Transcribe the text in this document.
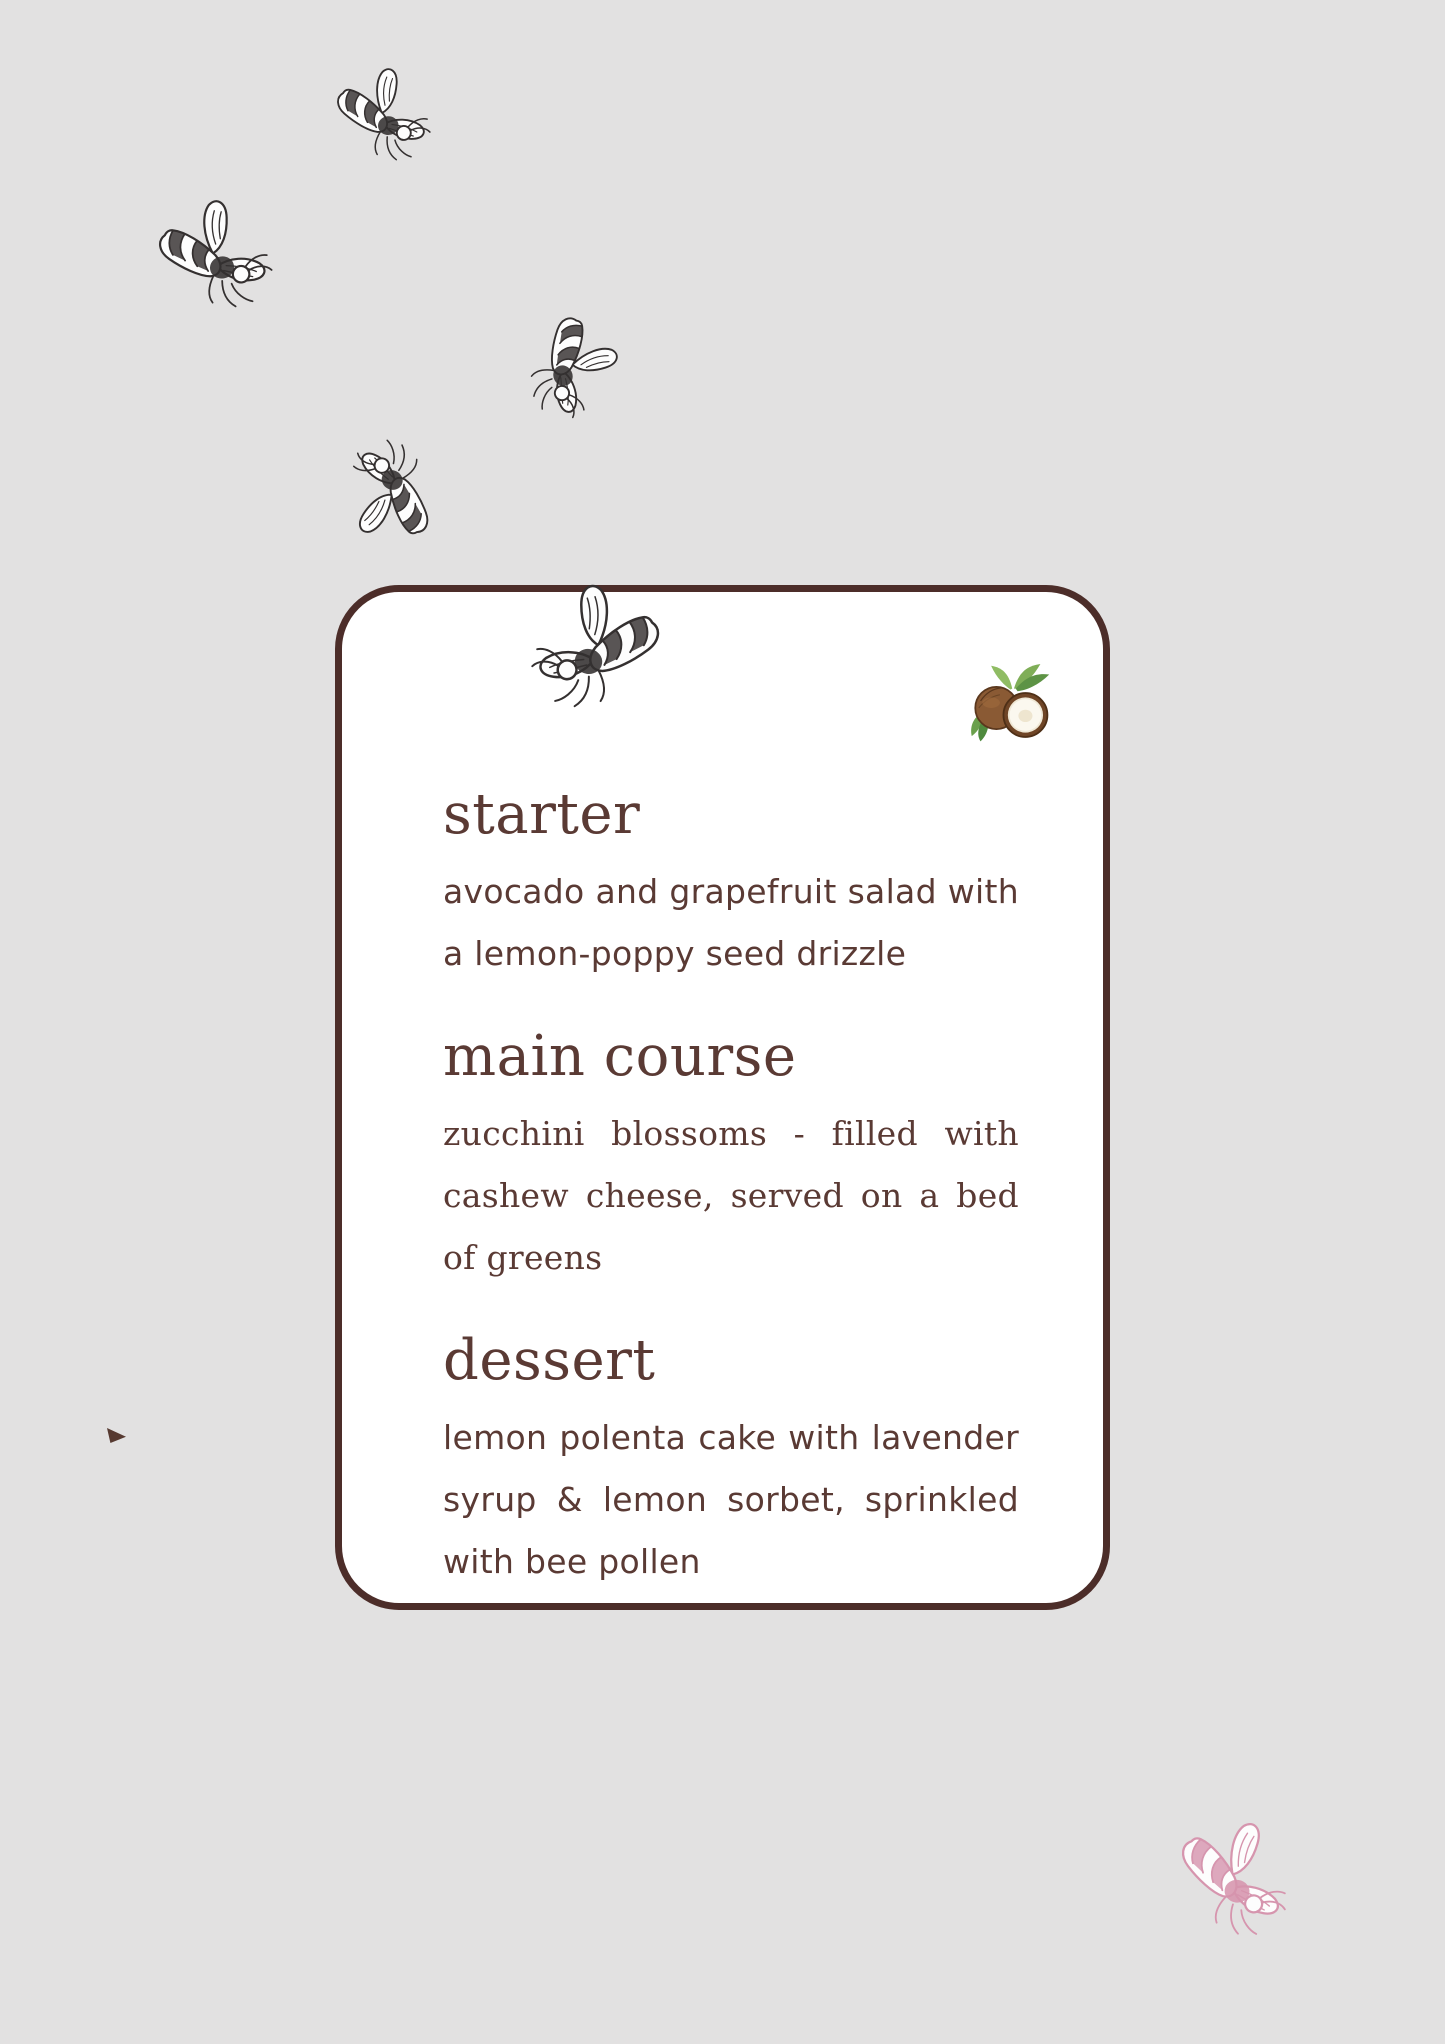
starter
avocado and grapefruit salad with
a lemon-poppy seed drizzle
main course
zucchini blossoms - filled with
cashew cheese, served on a bed
of greens
dessert
lemon polenta cake with lavender
syrup & lemon sorbet, sprinkled
with bee pollen
